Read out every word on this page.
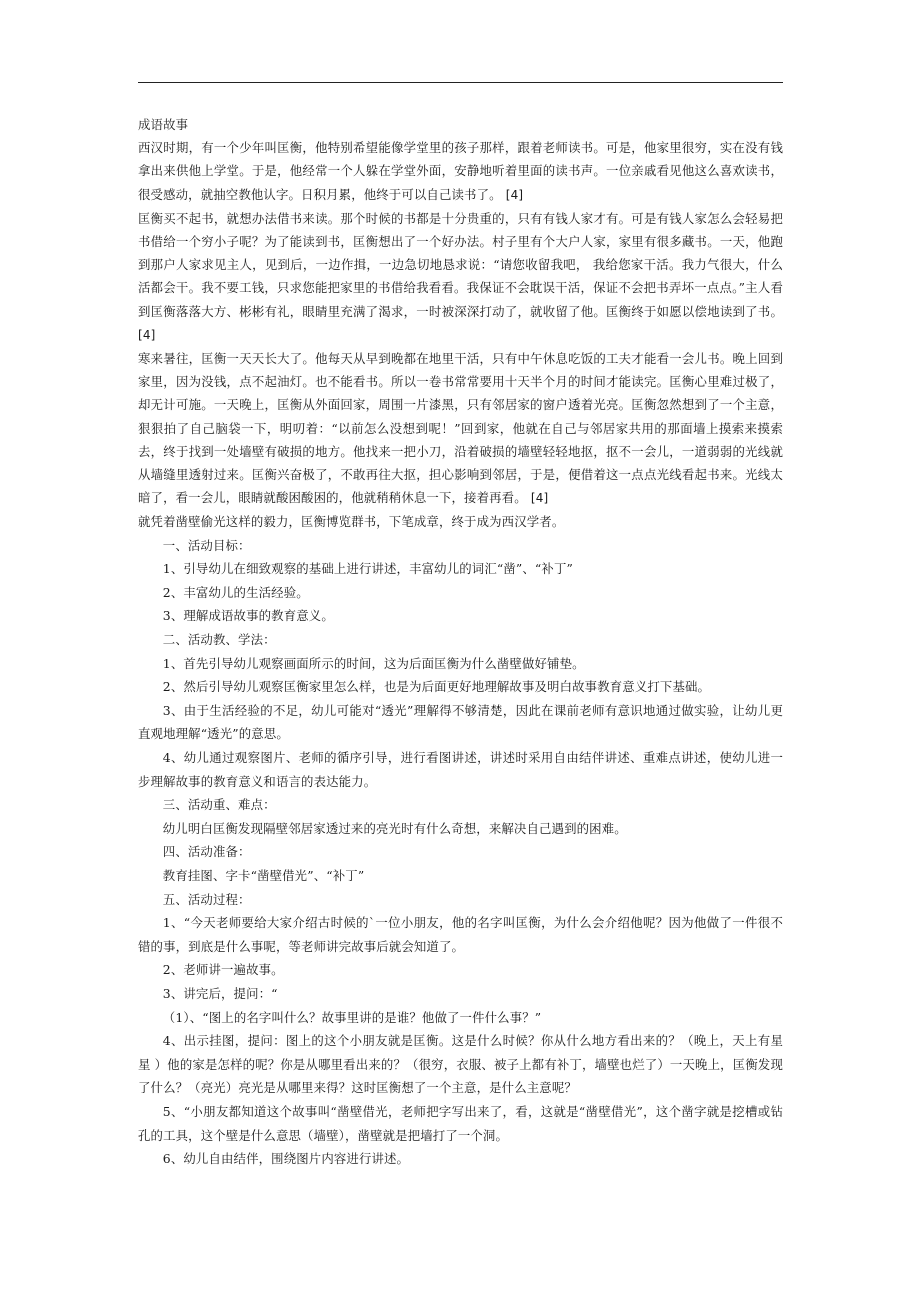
成语故事

西汉时期，有一个少年叫匡衡，他特别希望能像学堂里的孩子那样，跟着老师读书。可是，他家里很穷，实在没有钱拿出来供他上学堂。于是，他经常一个人躲在学堂外面，安静地听着里面的读书声。一位亲戚看见他这么喜欢读书，很受感动，就抽空教他认字。日积月累，他终于可以自己读书了。 [4]

匡衡买不起书，就想办法借书来读。那个时候的书都是十分贵重的，只有有钱人家才有。可是有钱人家怎么会轻易把书借给一个穷小子呢？为了能读到书，匡衡想出了一个好办法。村子里有个大户人家，家里有很多藏书。一天，他跑到那户人家求见主人，见到后，一边作揖，一边急切地恳求说：“请您收留我吧， 我给您家干活。我力气很大，什么活都会干。我不要工钱，只求您能把家里的书借给我看看。我保证不会耽误干活，保证不会把书弄坏一点点。”主人看到匡衡落落大方、彬彬有礼，眼睛里充满了渴求，一时被深深打动了，就收留了他。匡衡终于如愿以偿地读到了书。 [4]

寒来暑往，匡衡一天天长大了。他每天从早到晚都在地里干活，只有中午休息吃饭的工夫才能看一会儿书。晚上回到家里，因为没钱，点不起油灯。也不能看书。所以一卷书常常要用十天半个月的时间才能读完。匡衡心里难过极了，却无计可施。一天晚上，匡衡从外面回家，周围一片漆黑，只有邻居家的窗户透着光亮。匡衡忽然想到了一个主意，狠狠拍了自己脑袋一下，明叨着：“以前怎么没想到呢！”回到家，他就在自己与邻居家共用的那面墙上摸索来摸索去，终于找到一处墙壁有破损的地方。他找来一把小刀，沿着破损的墙壁轻轻地抠，抠不一会儿，一道弱弱的光线就从墙缝里透射过来。匡衡兴奋极了，不敢再往大抠，担心影响到邻居，于是，便借着这一点点光线看起书来。光线太暗了，看一会儿，眼睛就酸困酸困的，他就稍稍休息一下，接着再看。 [4]

就凭着凿壁偷光这样的毅力，匡衡博览群书，下笔成章，终于成为西汉学者。

一、活动目标：

1、引导幼儿在细致观察的基础上进行讲述，丰富幼儿的词汇“凿”、“补丁”

2、丰富幼儿的生活经验。

3、理解成语故事的教育意义。

二、活动教、学法：

1、首先引导幼儿观察画面所示的时间，这为后面匡衡为什么凿壁做好铺垫。

2、然后引导幼儿观察匡衡家里怎么样，也是为后面更好地理解故事及明白故事教育意义打下基础。

3、由于生活经验的不足，幼儿可能对“透光”理解得不够清楚，因此在课前老师有意识地通过做实验，让幼儿更直观地理解“透光”的意思。

4、幼儿通过观察图片、老师的循序引导，进行看图讲述，讲述时采用自由结伴讲述、重难点讲述，使幼儿进一步理解故事的教育意义和语言的表达能力。

三、活动重、难点：

幼儿明白匡衡发现隔壁邻居家透过来的亮光时有什么奇想，来解决自己遇到的困难。

四、活动准备：

教育挂图、字卡“凿壁借光”、“补丁”

五、活动过程：

1、“今天老师要给大家介绍古时候的`一位小朋友，他的名字叫匡衡，为什么会介绍他呢？因为他做了一件很不错的事，到底是什么事呢，等老师讲完故事后就会知道了。

2、老师讲一遍故事。

3、讲完后，提问：“

（1）、“图上的名字叫什么？故事里讲的是谁？他做了一件什么事？”

4、出示挂图，提问：图上的这个小朋友就是匡衡。这是什么时候？你从什么地方看出来的？（晚上，天上有星星 ）他的家是怎样的呢？你是从哪里看出来的？（很穷，衣服、被子上都有补丁，墙壁也烂了）一天晚上，匡衡发现了什么？（亮光）亮光是从哪里来得？这时匡衡想了一个主意，是什么主意呢？

5、“小朋友都知道这个故事叫“凿壁借光，老师把字写出来了，看，这就是“凿壁借光”，这个凿字就是挖槽或钻孔的工具，这个壁是什么意思（墙壁），凿壁就是把墙打了一个洞。

6、幼儿自由结伴，围绕图片内容进行讲述。
